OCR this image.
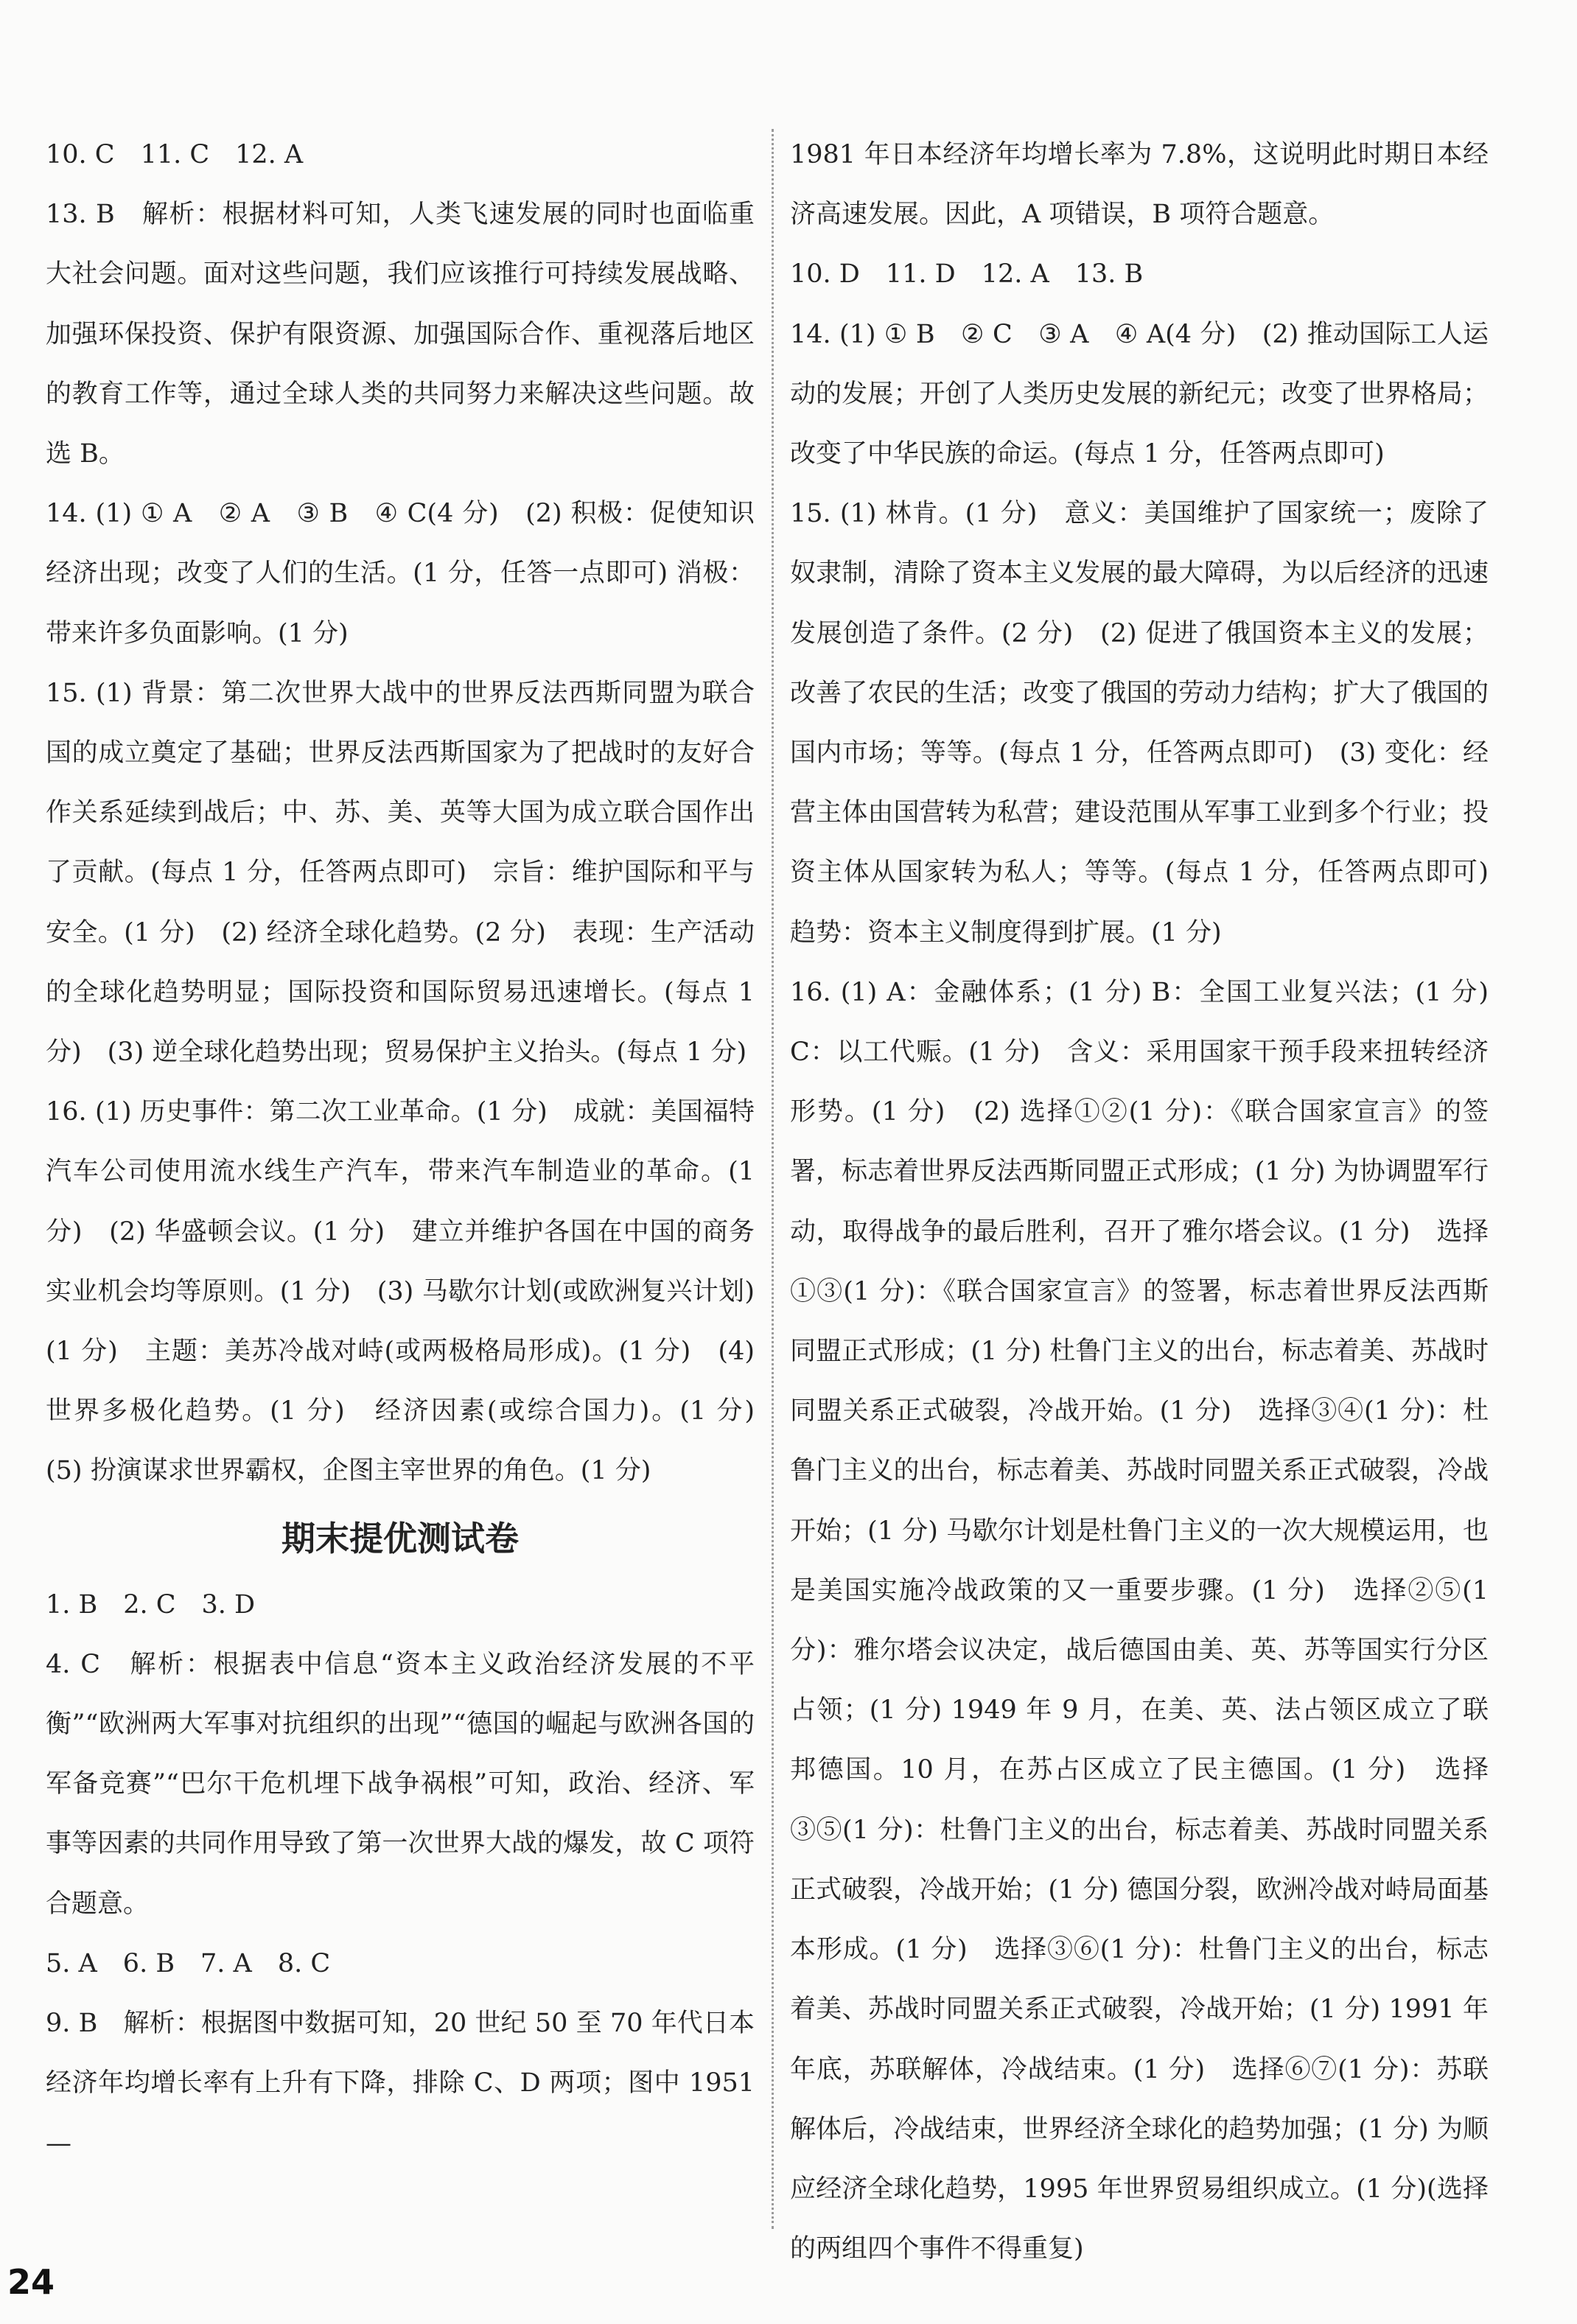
10. C　11. C　12. A

13. B　解析：根据材料可知，人类飞速发展的同时也面临重大社会问题。面对这些问题，我们应该推行可持续发展战略、加强环保投资、保护有限资源、加强国际合作、重视落后地区的教育工作等，通过全球人类的共同努力来解决这些问题。故选 B。

14. (1) ① A　② A　③ B　④ C(4 分)　(2) 积极：促使知识经济出现；改变了人们的生活。(1 分，任答一点即可) 消极：带来许多负面影响。(1 分)

15. (1) 背景：第二次世界大战中的世界反法西斯同盟为联合国的成立奠定了基础；世界反法西斯国家为了把战时的友好合作关系延续到战后；中、苏、美、英等大国为成立联合国作出了贡献。(每点 1 分，任答两点即可)　宗旨：维护国际和平与安全。(1 分)　(2) 经济全球化趋势。(2 分)　表现：生产活动的全球化趋势明显；国际投资和国际贸易迅速增长。(每点 1 分)　(3) 逆全球化趋势出现；贸易保护主义抬头。(每点 1 分)

16. (1) 历史事件：第二次工业革命。(1 分)　成就：美国福特汽车公司使用流水线生产汽车，带来汽车制造业的革命。(1 分)　(2) 华盛顿会议。(1 分)　建立并维护各国在中国的商务实业机会均等原则。(1 分)　(3) 马歇尔计划(或欧洲复兴计划)(1 分)　主题：美苏冷战对峙(或两极格局形成)。(1 分)　(4) 世界多极化趋势。(1 分)　经济因素(或综合国力)。(1 分)　(5) 扮演谋求世界霸权，企图主宰世界的角色。(1 分)

期末提优测试卷

1. B　2. C　3. D

4. C　解析：根据表中信息“资本主义政治经济发展的不平衡”“欧洲两大军事对抗组织的出现”“德国的崛起与欧洲各国的军备竞赛”“巴尔干危机埋下战争祸根”可知，政治、经济、军事等因素的共同作用导致了第一次世界大战的爆发，故 C 项符合题意。

5. A　6. B　7. A　8. C

9. B　解析：根据图中数据可知，20 世纪 50 至 70 年代日本经济年均增长率有上升有下降，排除 C、D 两项；图中 1951—

1981 年日本经济年均增长率为 7.8%，这说明此时期日本经济高速发展。因此，A 项错误，B 项符合题意。

10. D　11. D　12. A　13. B

14. (1) ① B　② C　③ A　④ A(4 分)　(2) 推动国际工人运动的发展；开创了人类历史发展的新纪元；改变了世界格局；改变了中华民族的命运。(每点 1 分，任答两点即可)

15. (1) 林肯。(1 分)　意义：美国维护了国家统一；废除了奴隶制，清除了资本主义发展的最大障碍，为以后经济的迅速发展创造了条件。(2 分)　(2) 促进了俄国资本主义的发展；改善了农民的生活；改变了俄国的劳动力结构；扩大了俄国的国内市场；等等。(每点 1 分，任答两点即可)　(3) 变化：经营主体由国营转为私营；建设范围从军事工业到多个行业；投资主体从国家转为私人；等等。(每点 1 分，任答两点即可)　趋势：资本主义制度得到扩展。(1 分)

16. (1) A：金融体系；(1 分) B：全国工业复兴法；(1 分) C：以工代赈。(1 分)　含义：采用国家干预手段来扭转经济形势。(1 分)　(2) 选择①②(1 分)：《联合国家宣言》的签署，标志着世界反法西斯同盟正式形成；(1 分) 为协调盟军行动，取得战争的最后胜利，召开了雅尔塔会议。(1 分)　选择①③(1 分)：《联合国家宣言》的签署，标志着世界反法西斯同盟正式形成；(1 分) 杜鲁门主义的出台，标志着美、苏战时同盟关系正式破裂，冷战开始。(1 分)　选择③④(1 分)：杜鲁门主义的出台，标志着美、苏战时同盟关系正式破裂，冷战开始；(1 分) 马歇尔计划是杜鲁门主义的一次大规模运用，也是美国实施冷战政策的又一重要步骤。(1 分)　选择②⑤(1 分)：雅尔塔会议决定，战后德国由美、英、苏等国实行分区占领；(1 分) 1949 年 9 月，在美、英、法占领区成立了联邦德国。10 月，在苏占区成立了民主德国。(1 分)　选择③⑤(1 分)：杜鲁门主义的出台，标志着美、苏战时同盟关系正式破裂，冷战开始；(1 分) 德国分裂，欧洲冷战对峙局面基本形成。(1 分)　选择③⑥(1 分)：杜鲁门主义的出台，标志着美、苏战时同盟关系正式破裂，冷战开始；(1 分) 1991 年年底，苏联解体，冷战结束。(1 分)　选择⑥⑦(1 分)：苏联解体后，冷战结束，世界经济全球化的趋势加强；(1 分) 为顺应经济全球化趋势，1995 年世界贸易组织成立。(1 分)(选择的两组四个事件不得重复)

24
